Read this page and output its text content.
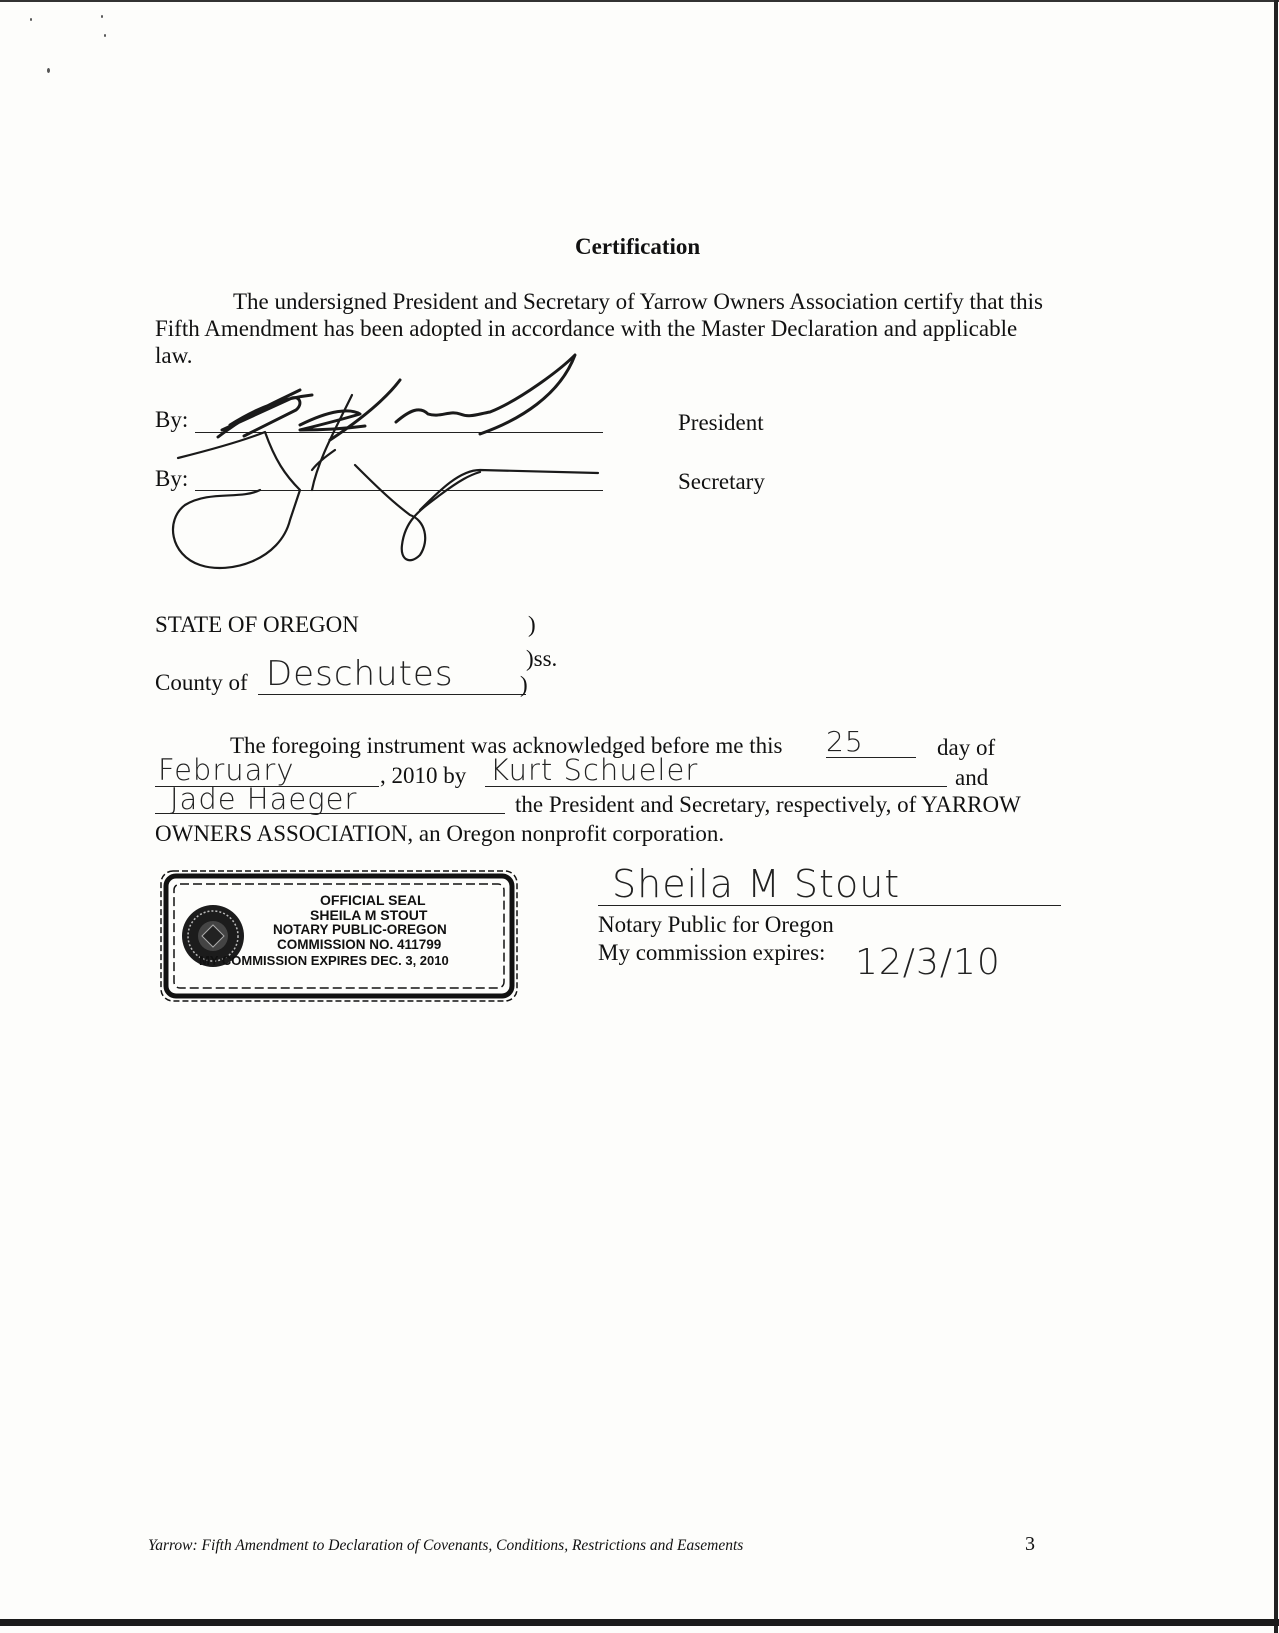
Certification
The undersigned President and Secretary of Yarrow Owners Association certify that this
Fifth Amendment has been adopted in accordance with the Master Declaration and applicable
law.
By:	President
By:	Secretary
STATE OF OREGON	)
)ss.
County of	)
Deschutes
The foregoing instrument was acknowledged before me this 25	day of
February	, 2010 by Kurt Schueler	and
Jade Haeger	the President and Secretary, respectively, of YARROW
OWNERS ASSOCIATION, an Oregon nonprofit corporation.
OFFICIAL SEAL
SHEILA M STOUT
NOTARY PUBLIC-OREGON
COMMISSION NO. 411799
MY COMMISSION EXPIRES DEC. 3, 2010
Sheila M Stout
Notary Public for Oregon
My commission expires: 12/3/10
Yarrow: Fifth Amendment to Declaration of Covenants, Conditions, Restrictions and Easements	3
